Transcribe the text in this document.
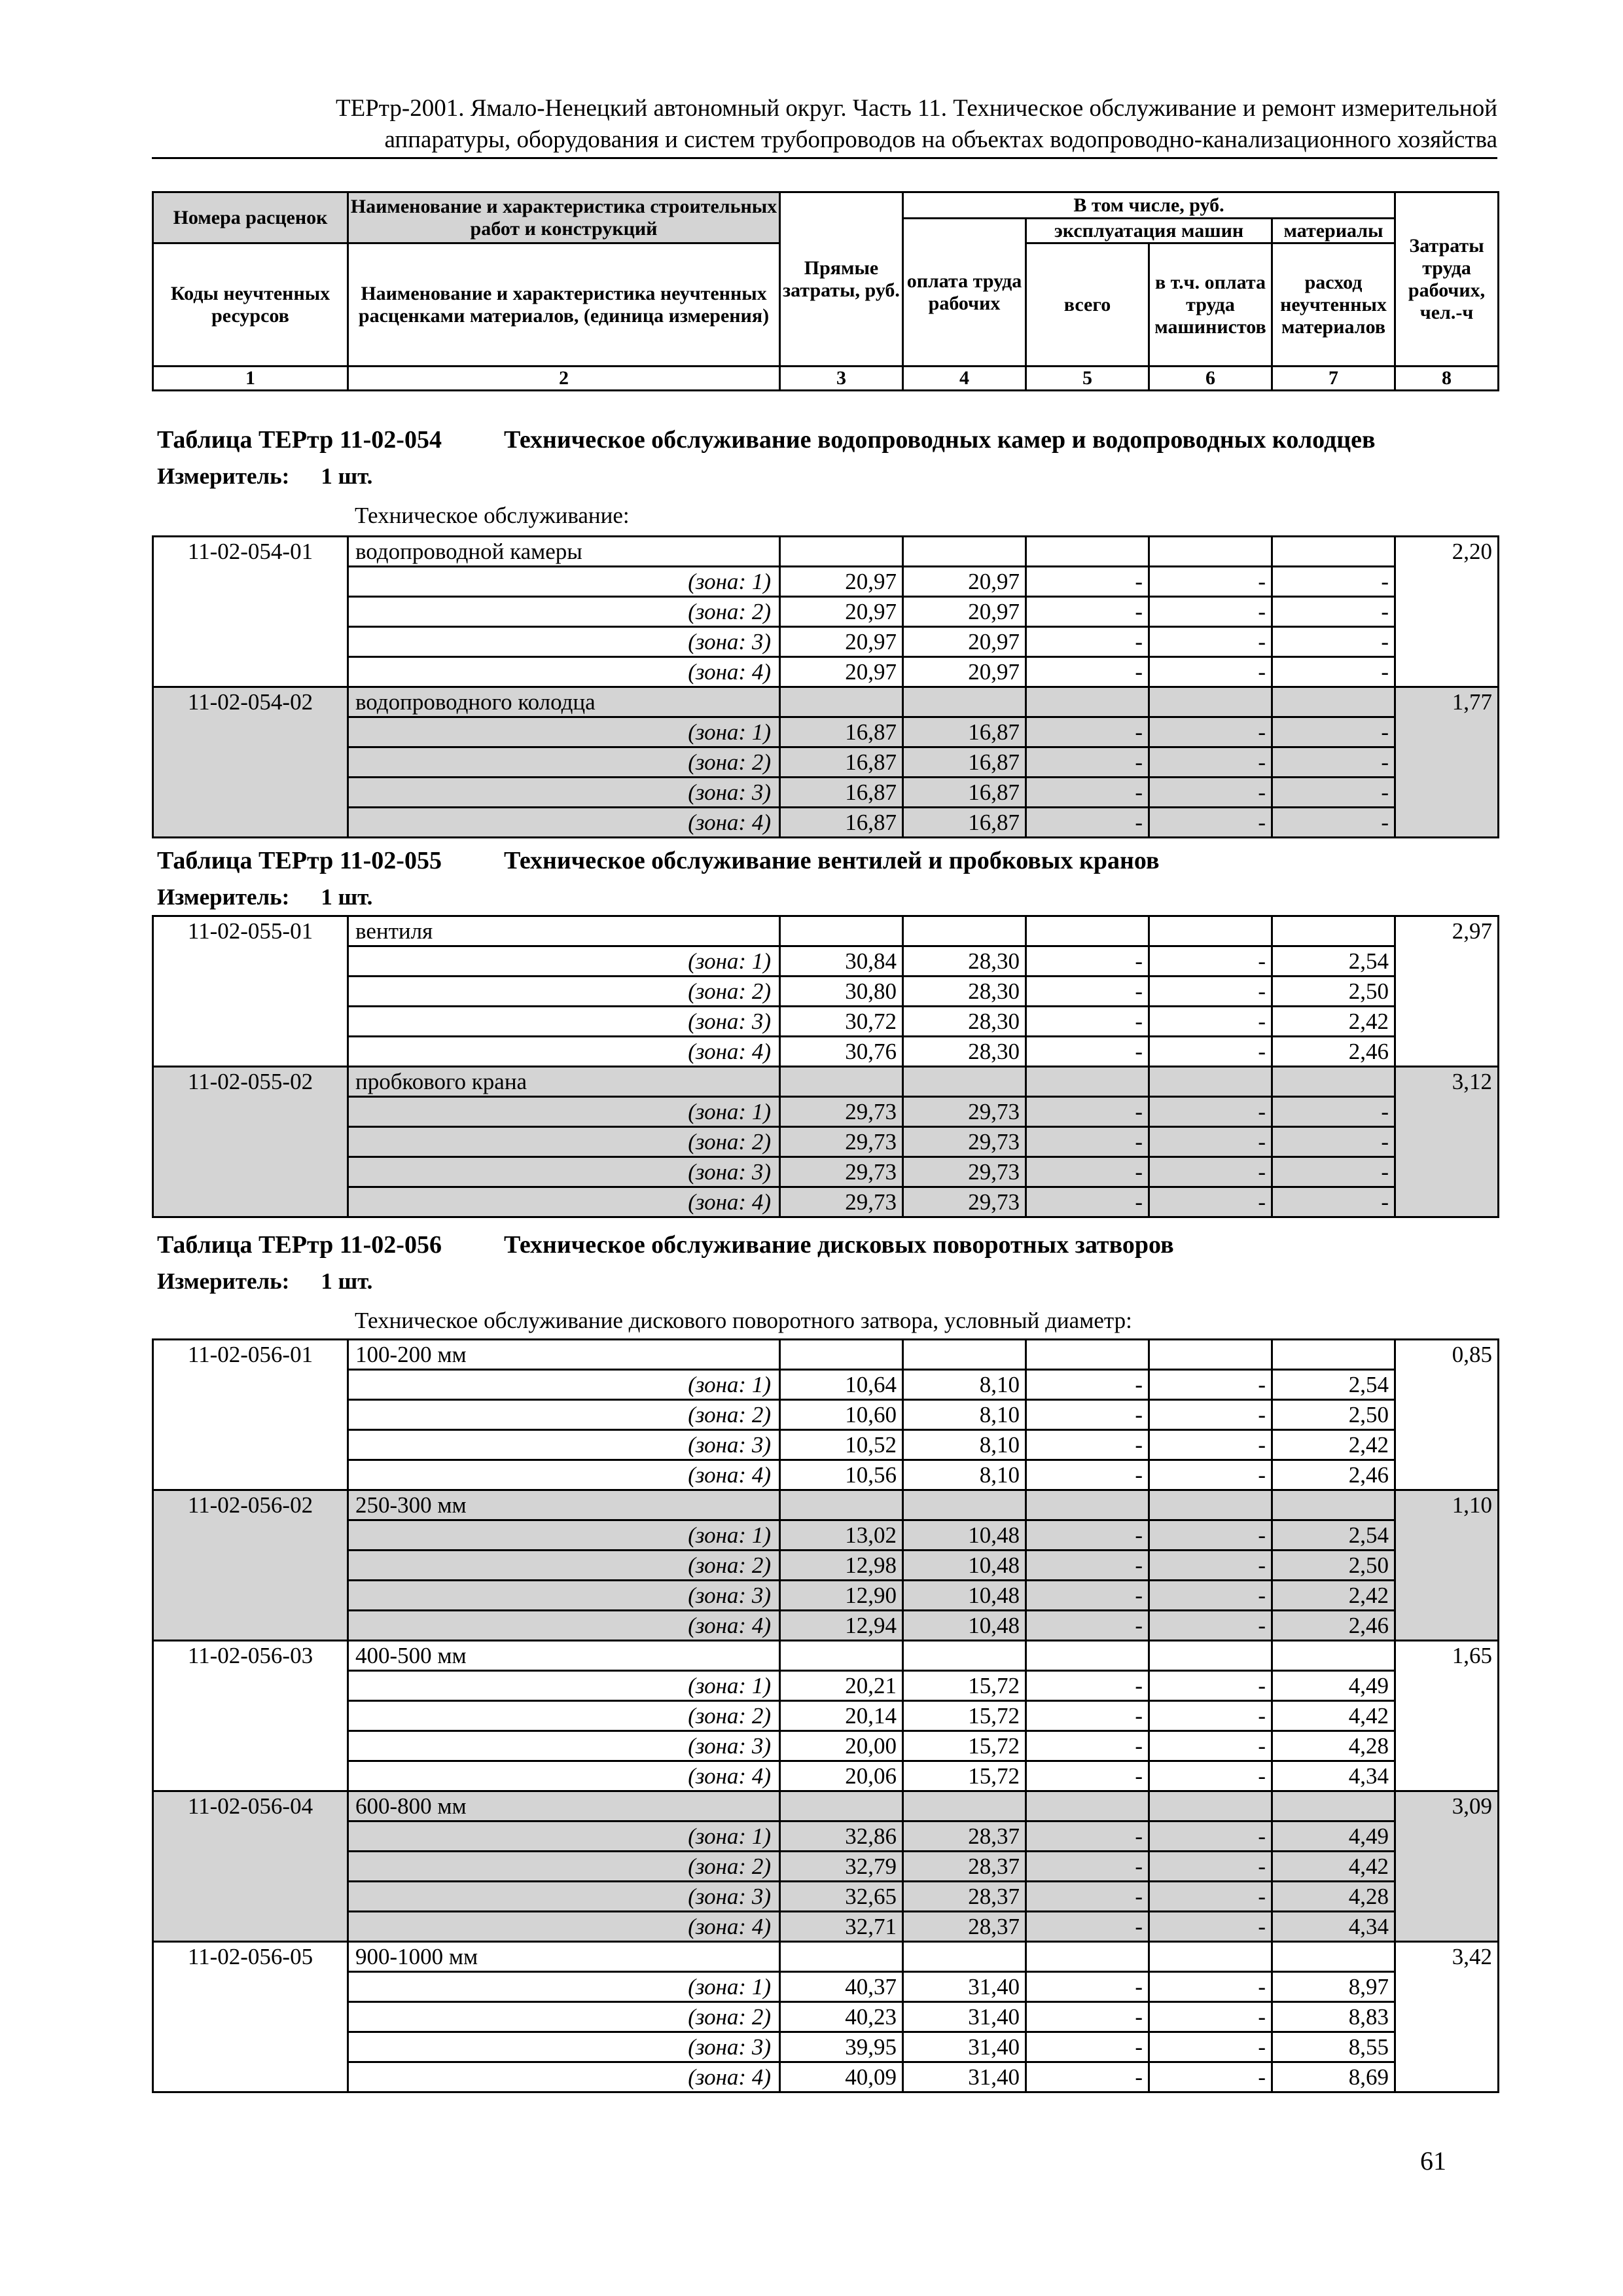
ТЕРтр-2001. Ямало-Ненецкий автономный округ. Часть 11. Техническое обслуживание и ремонт измерительной
аппаратуры, оборудования и систем трубопроводов на объектах водопроводно-канализационного хозяйства
Номера расценок	Наименование и характеристика строительных работ и конструкций	Прямые затраты, руб.	В том числе, руб.				Затраты труда рабочих, чел.-ч
			оплата труда рабочих	эксплуатация машин		материалы	
Коды неучтенных ресурсов	Наименование и характеристика неучтенных расценками материалов, (единица измерения)			всего	в т.ч. оплата труда машинистов	расход неучтенных материалов	

1	2	3	4	5	6	7	8
Таблица ТЕРтр 11-02-054	Техническое обслуживание водопроводных камер и водопроводных колодцев
Измеритель: 1 шт.
Техническое обслуживание:
11-02-054-01	водопроводной камеры						2,20
	(зона: 1)	20,97	20,97	-	-	-	
	(зона: 2)	20,97	20,97	-	-	-	
	(зона: 3)	20,97	20,97	-	-	-	
	(зона: 4)	20,97	20,97	-	-	-	
11-02-054-02	водопроводного колодца						1,77
	(зона: 1)	16,87	16,87	-	-	-	
	(зона: 2)	16,87	16,87	-	-	-	
	(зона: 3)	16,87	16,87	-	-	-	
	(зона: 4)	16,87	16,87	-	-	-	
Таблица ТЕРтр 11-02-055	Техническое обслуживание вентилей и пробковых кранов
Измеритель: 1 шт.
11-02-055-01	вентиля						2,97
	(зона: 1)	30,84	28,30	-	-	2,54	
	(зона: 2)	30,80	28,30	-	-	2,50	
	(зона: 3)	30,72	28,30	-	-	2,42	
	(зона: 4)	30,76	28,30	-	-	2,46	
11-02-055-02	пробкового крана						3,12
	(зона: 1)	29,73	29,73	-	-	-	
	(зона: 2)	29,73	29,73	-	-	-	
	(зона: 3)	29,73	29,73	-	-	-	
	(зона: 4)	29,73	29,73	-	-	-	
Таблица ТЕРтр 11-02-056	Техническое обслуживание дисковых поворотных затворов
Измеритель: 1 шт.
Техническое обслуживание дискового поворотного затвора, условный диаметр:
11-02-056-01	100-200 мм						0,85
	(зона: 1)	10,64	8,10	-	-	2,54	
	(зона: 2)	10,60	8,10	-	-	2,50	
	(зона: 3)	10,52	8,10	-	-	2,42	
	(зона: 4)	10,56	8,10	-	-	2,46	
11-02-056-02	250-300 мм						1,10
	(зона: 1)	13,02	10,48	-	-	2,54	
	(зона: 2)	12,98	10,48	-	-	2,50	
	(зона: 3)	12,90	10,48	-	-	2,42	
	(зона: 4)	12,94	10,48	-	-	2,46	
11-02-056-03	400-500 мм						1,65
	(зона: 1)	20,21	15,72	-	-	4,49	
	(зона: 2)	20,14	15,72	-	-	4,42	
	(зона: 3)	20,00	15,72	-	-	4,28	
	(зона: 4)	20,06	15,72	-	-	4,34	
11-02-056-04	600-800 мм						3,09
	(зона: 1)	32,86	28,37	-	-	4,49	
	(зона: 2)	32,79	28,37	-	-	4,42	
	(зона: 3)	32,65	28,37	-	-	4,28	
	(зона: 4)	32,71	28,37	-	-	4,34	
11-02-056-05	900-1000 мм						3,42
	(зона: 1)	40,37	31,40	-	-	8,97	
	(зона: 2)	40,23	31,40	-	-	8,83	
	(зона: 3)	39,95	31,40	-	-	8,55	
	(зона: 4)	40,09	31,40	-	-	8,69	
61
